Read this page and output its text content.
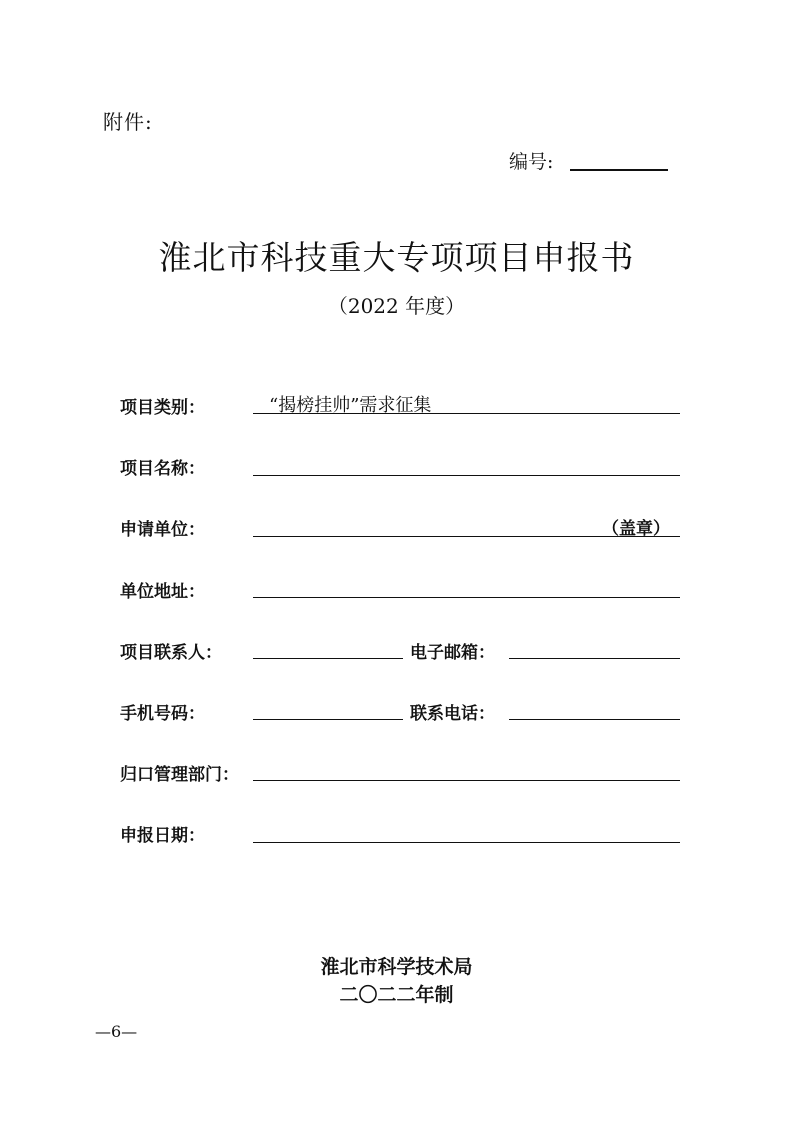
附件:
编号:
淮北市科技重大专项项目申报书
（2022 年度）
项目类别：	“揭榜挂帅”需求征集
项目名称：
申请单位：	（盖章）
单位地址：
项目联系人：	电子邮箱：
手机号码：	联系电话：
归口管理部门：
申报日期：
淮北市科学技术局
二〇二二年制
—6—
